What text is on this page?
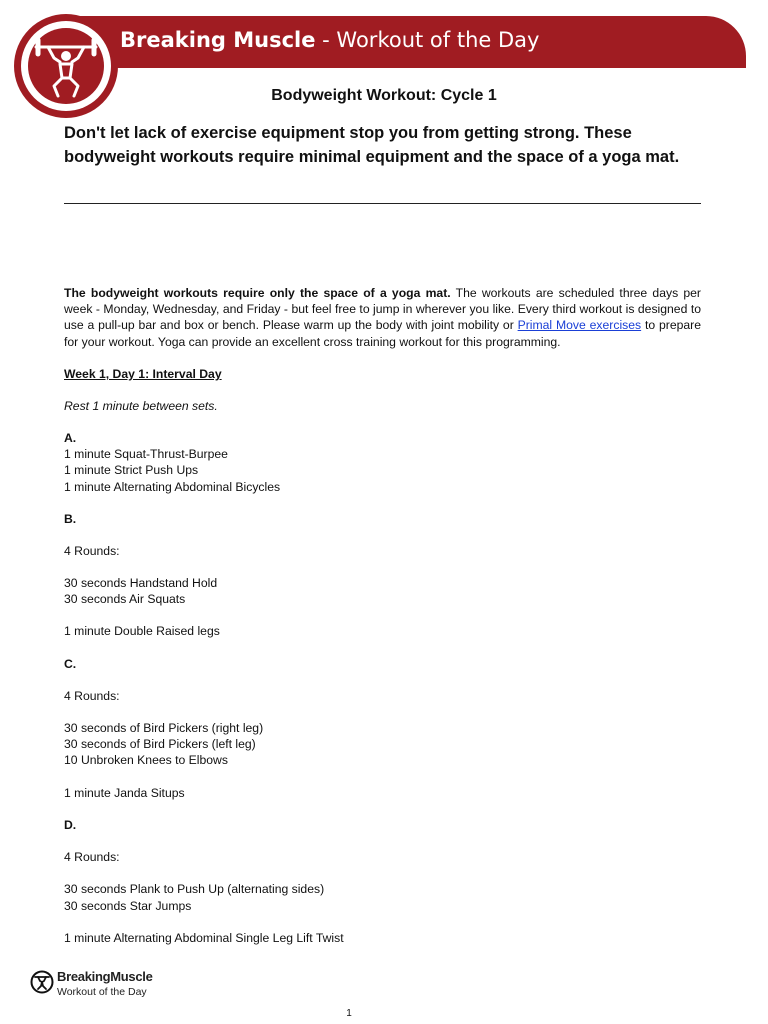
Breaking Muscle - Workout of the Day
Bodyweight Workout: Cycle 1
Don't let lack of exercise equipment stop you from getting strong. These bodyweight workouts require minimal equipment and the space of a yoga mat.
The bodyweight workouts require only the space of a yoga mat. The workouts are scheduled three days per week - Monday, Wednesday, and Friday - but feel free to jump in wherever you like. Every third workout is designed to use a pull-up bar and box or bench. Please warm up the body with joint mobility or Primal Move exercises to prepare for your workout. Yoga can provide an excellent cross training workout for this programming.
Week 1, Day 1: Interval Day
Rest 1 minute between sets.
A.
1 minute Squat-Thrust-Burpee
1 minute Strict Push Ups
1 minute Alternating Abdominal Bicycles
B.
4 Rounds:
30 seconds Handstand Hold
30 seconds Air Squats
1 minute Double Raised legs
C.
4 Rounds:
30 seconds of Bird Pickers (right leg)
30 seconds of Bird Pickers (left leg)
10 Unbroken Knees to Elbows
1 minute Janda Situps
D.
4 Rounds:
30 seconds Plank to Push Up (alternating sides)
30 seconds Star Jumps
1 minute Alternating Abdominal Single Leg Lift Twist
BreakingMuscle
Workout of the Day
1
